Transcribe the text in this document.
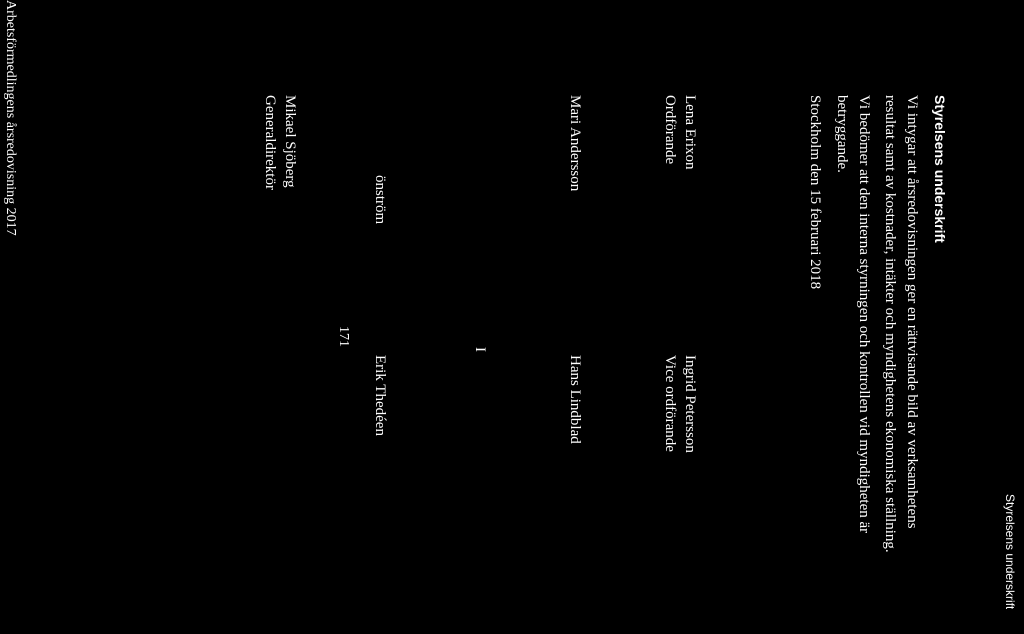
Styrelsens underskrift
Styrelsens underskrift
Vi intygar att årsredovisningen ger en rättvisande bild av verksamhetens
resultat samt av kostnader, intäkter och myndighetens ekonomiska ställning.
Vi bedömer att den interna styrningen och kontrollen vid myndigheten är
betryggande.
Stockholm den 15 februari 2018
Lena Erixon
Ordförande
Ingrid Petersson
Vice ordförande
Mari Andersson
Hans Lindblad
I
önström
Erik Thedéen
171
Mikael Sjöberg
Generaldirektör
Arbetsförmedlingens årsredovisning 2017
